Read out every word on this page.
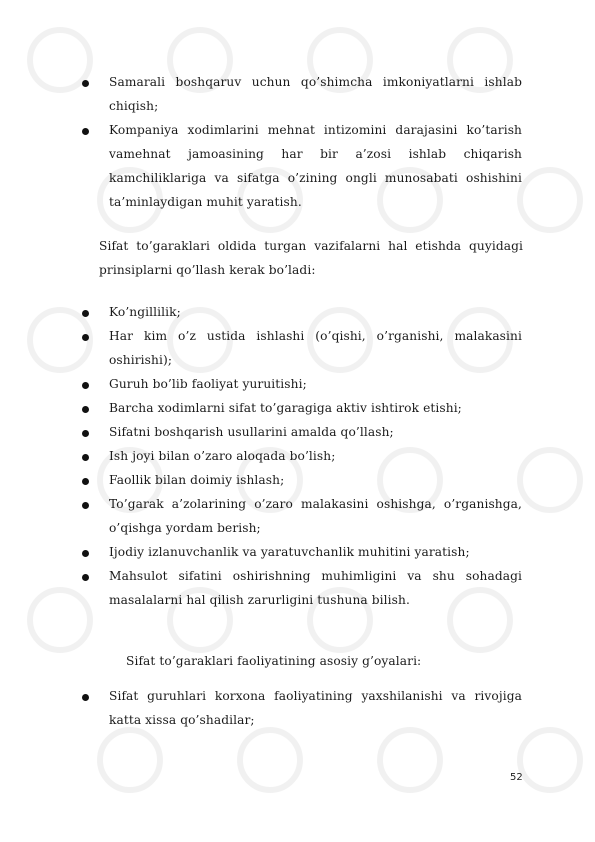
Samarali boshqaruv uchun qo’shimcha imkoniyatlarni ishlab chiqish;
Kompaniya xodimlarini mehnat intizomini darajasini ko’tarish vamehnat jamoasining har bir a’zosi ishlab chiqarish kamchiliklariga va sifatga o’zining ongli munosabati oshishini ta’minlaydigan muhit yaratish.

Sifat to’garaklari oldida turgan vazifalarni hal etishda quyidagi prinsiplarni qo’llash kerak bo’ladi:

Ko’ngillilik;
Har kim o’z ustida ishlashi (o’qishi, o’rganishi, malakasini oshirishi);
Guruh bo’lib faoliyat yuruitishi;
Barcha xodimlarni sifat to’garagiga aktiv ishtirok etishi;
Sifatni boshqarish usullarini amalda qo’llash;
Ish joyi bilan o’zaro aloqada bo’lish;
Faollik bilan doimiy ishlash;
To’garak a’zolarining o’zaro malakasini oshishga, o’rganishga, o’qishga yordam berish;
Ijodiy izlanuvchanlik va yaratuvchanlik muhitini yaratish;
Mahsulot sifatini oshirishning muhimligini va shu sohadagi masalalarni hal qilish zarurligini tushuna bilish.
Sifat to’garaklari faoliyatining asosiy g’oyalari:
Sifat guruhlari korxona faoliyatining yaxshilanishi va rivojiga katta xissa qo’shadilar;
52
